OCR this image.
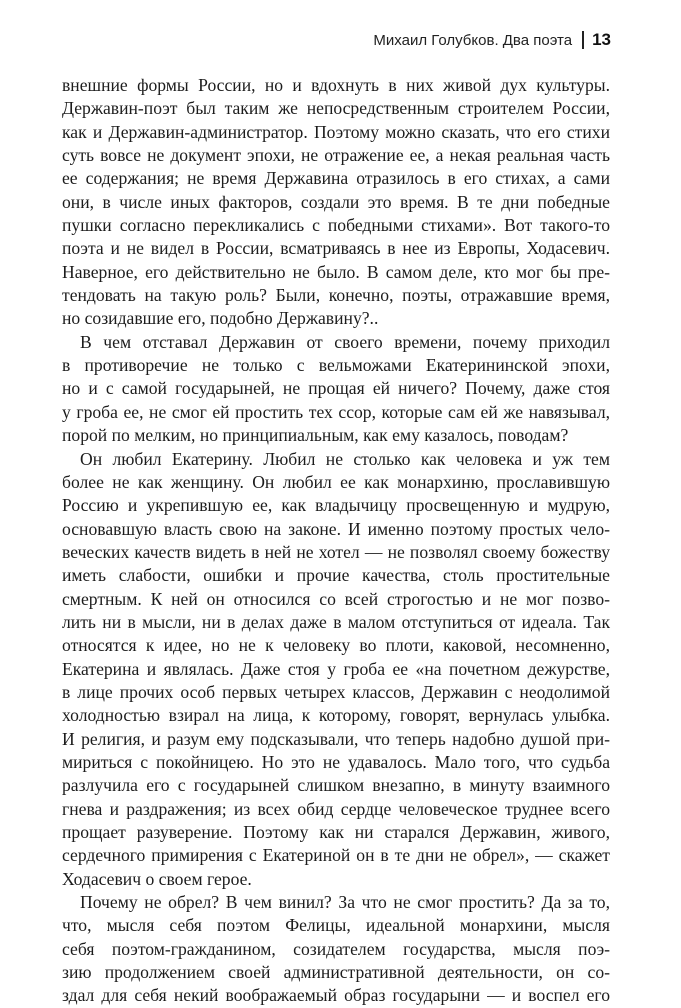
Михаил Голубков. Два поэта 13
внешние формы России, но и вдохнуть в них живой дух культуры.
Державин-поэт был таким же непосредственным строителем России,
как и Державин-администратор. Поэтому можно сказать, что его стихи
суть вовсе не документ эпохи, не отражение ее, а некая реальная часть
ее содержания; не время Державина отразилось в его стихах, а сами
они, в числе иных факторов, создали это время. В те дни победные
пушки согласно перекликались с победными стихами». Вот такого-то
поэта и не видел в России, всматриваясь в нее из Европы, Ходасевич.
Наверное, его действительно не было. В самом деле, кто мог бы пре-
тендовать на такую роль? Были, конечно, поэты, отражавшие время,
но созидавшие его, подобно Державину?..
В чем отставал Державин от своего времени, почему приходил
в противоречие не только с вельможами Екатерининской эпохи,
но и с самой государыней, не прощая ей ничего? Почему, даже стоя
у гроба ее, не смог ей простить тех ссор, которые сам ей же навязывал,
порой по мелким, но принципиальным, как ему казалось, поводам?
Он любил Екатерину. Любил не столько как человека и уж тем
более не как женщину. Он любил ее как монархиню, прославившую
Россию и укрепившую ее, как владычицу просвещенную и мудрую,
основавшую власть свою на законе. И именно поэтому простых чело-
веческих качеств видеть в ней не хотел — не позволял своему божеству
иметь слабости, ошибки и прочие качества, столь простительные
смертным. К ней он относился со всей строгостью и не мог позво-
лить ни в мысли, ни в делах даже в малом отступиться от идеала. Так
относятся к идее, но не к человеку во плоти, каковой, несомненно,
Екатерина и являлась. Даже стоя у гроба ее «на почетном дежурстве,
в лице прочих особ первых четырех классов, Державин с неодолимой
холодностью взирал на лица, к которому, говорят, вернулась улыбка.
И религия, и разум ему подсказывали, что теперь надобно душой при-
мириться с покойницею. Но это не удавалось. Мало того, что судьба
разлучила его с государыней слишком внезапно, в минуту взаимного
гнева и раздражения; из всех обид сердце человеческое труднее всего
прощает разуверение. Поэтому как ни старался Державин, живого,
сердечного примирения с Екатериной он в те дни не обрел», — скажет
Ходасевич о своем герое.
Почему не обрел? В чем винил? За что не смог простить? Да за то,
что, мысля себя поэтом Фелицы, идеальной монархини, мысля
себя поэтом-гражданином, созидателем государства, мысля поэ-
зию продолжением своей административной деятельности, он со-
здал для себя некий воображаемый образ государыни — и воспел его
